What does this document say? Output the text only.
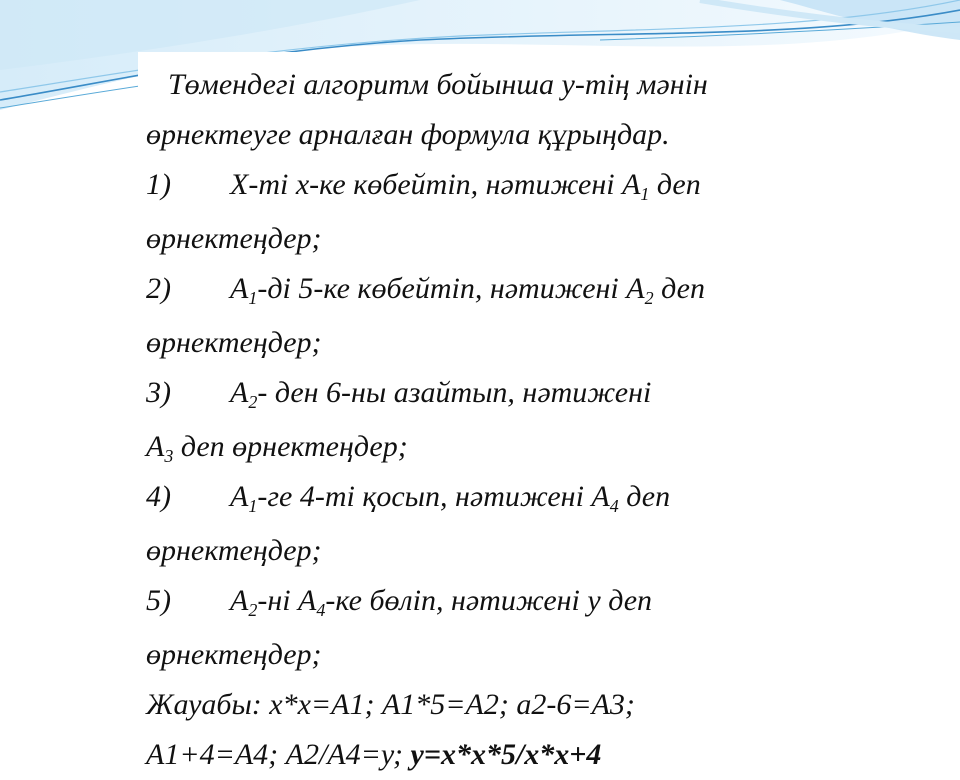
Төмендегі алгоритм бойынша у-тің мәнін
өрнектеуге арналған формула құрыңдар.
1) Х-ті х-ке көбейтіп, нәтижені $А_1$ деп
өрнектеңдер;
2) $А_1-ді$ 5-ке көбейтіп, нәтижені $А_2$ деп
өрнектеңдер;
3) $А_2-$ ден 6-ны азайтып, нәтижені
$А_3$ деп өрнектеңдер;
4) $А_1-ге$ 4-ті қосып, нәтижені $А_4$ деп
өрнектеңдер;
5) $А_2-ні$ $А_4-ке$ бөліп, нәтижені у деп
өрнектеңдер;
Жауабы: х*х=А1; А1*5=А2; а2-6=А3;
А1+4=А4; А2/А4=у; у=х*х*5/х*х+4
